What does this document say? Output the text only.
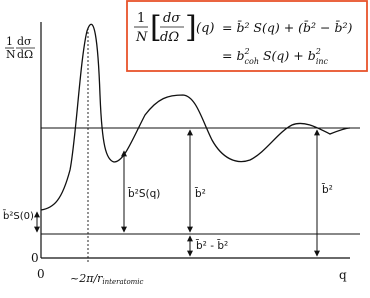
1
N
dσ
dΩ
0
0	q
~2π/rinteratomic
b̄²S(0)
b̄²S(q)	b̄²
b̄² - b̄²
b̄²
1
N [ dσ
dΩ ] (q) = b̄² S(q) + (b̄² − b̄²)
= $b^2$ coh $S(q) + b^2$ inc
